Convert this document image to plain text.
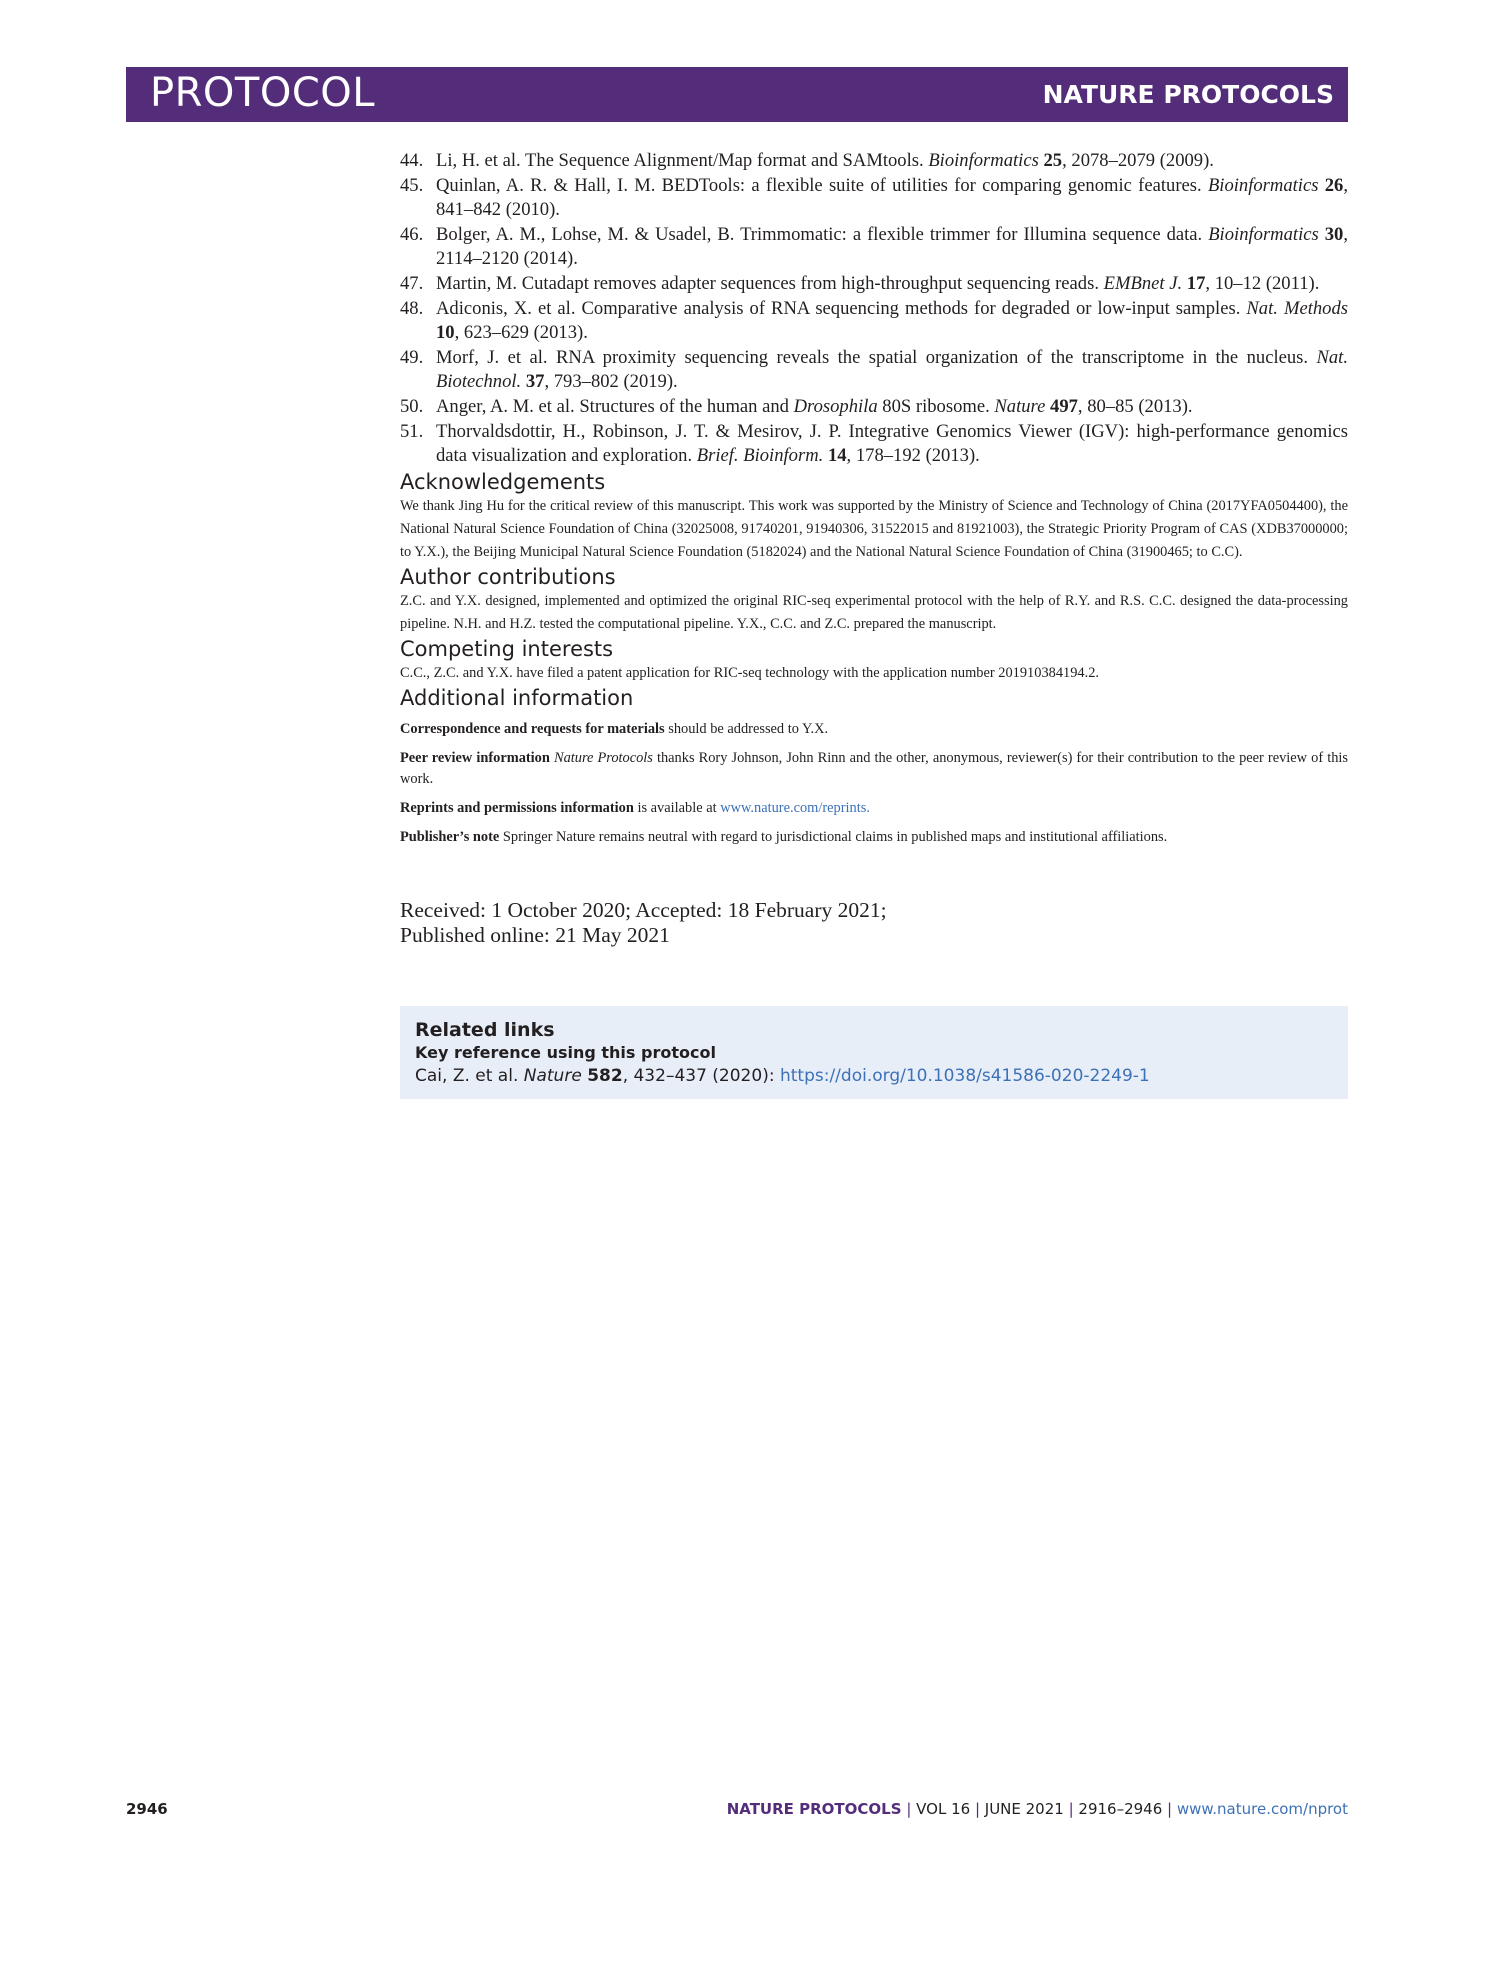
PROTOCOL	NATURE PROTOCOLS
44. Li, H. et al. The Sequence Alignment/Map format and SAMtools. Bioinformatics 25, 2078–2079 (2009).
45. Quinlan, A. R. & Hall, I. M. BEDTools: a flexible suite of utilities for comparing genomic features. Bioinformatics 26, 841–842 (2010).
46. Bolger, A. M., Lohse, M. & Usadel, B. Trimmomatic: a flexible trimmer for Illumina sequence data. Bioinformatics 30, 2114–2120 (2014).
47. Martin, M. Cutadapt removes adapter sequences from high-throughput sequencing reads. EMBnet J. 17, 10–12 (2011).
48. Adiconis, X. et al. Comparative analysis of RNA sequencing methods for degraded or low-input samples. Nat. Methods 10, 623–629 (2013).
49. Morf, J. et al. RNA proximity sequencing reveals the spatial organization of the transcriptome in the nucleus. Nat. Biotechnol. 37, 793–802 (2019).
50. Anger, A. M. et al. Structures of the human and Drosophila 80S ribosome. Nature 497, 80–85 (2013).
51. Thorvaldsdottir, H., Robinson, J. T. & Mesirov, J. P. Integrative Genomics Viewer (IGV): high-performance genomics data visualization and exploration. Brief. Bioinform. 14, 178–192 (2013).
Acknowledgements

We thank Jing Hu for the critical review of this manuscript. This work was supported by the Ministry of Science and Technology of China (2017YFA0504400), the National Natural Science Foundation of China (32025008, 91740201, 91940306, 31522015 and 81921003), the Strategic Priority Program of CAS (XDB37000000; to Y.X.), the Beijing Municipal Natural Science Foundation (5182024) and the National Natural Science Foundation of China (31900465; to C.C).

Author contributions

Z.C. and Y.X. designed, implemented and optimized the original RIC-seq experimental protocol with the help of R.Y. and R.S. C.C. designed the data-processing pipeline. N.H. and H.Z. tested the computational pipeline. Y.X., C.C. and Z.C. prepared the manuscript.

Competing interests

C.C., Z.C. and Y.X. have filed a patent application for RIC-seq technology with the application number 201910384194.2.

Additional information

Correspondence and requests for materials should be addressed to Y.X.

Peer review information Nature Protocols thanks Rory Johnson, John Rinn and the other, anonymous, reviewer(s) for their contribution to the peer review of this work.

Reprints and permissions information is available at www.nature.com/reprints.

Publisher’s note Springer Nature remains neutral with regard to jurisdictional claims in published maps and institutional affiliations.

Received: 1 October 2020; Accepted: 18 February 2021;
Published online: 21 May 2021
Related links
Key reference using this protocol
Cai, Z. et al. Nature 582, 432–437 (2020): https://doi.org/10.1038/s41586-020-2249-1
2946	NATURE PROTOCOLS | VOL 16 | JUNE 2021 | 2916–2946 | www.nature.com/nprot
